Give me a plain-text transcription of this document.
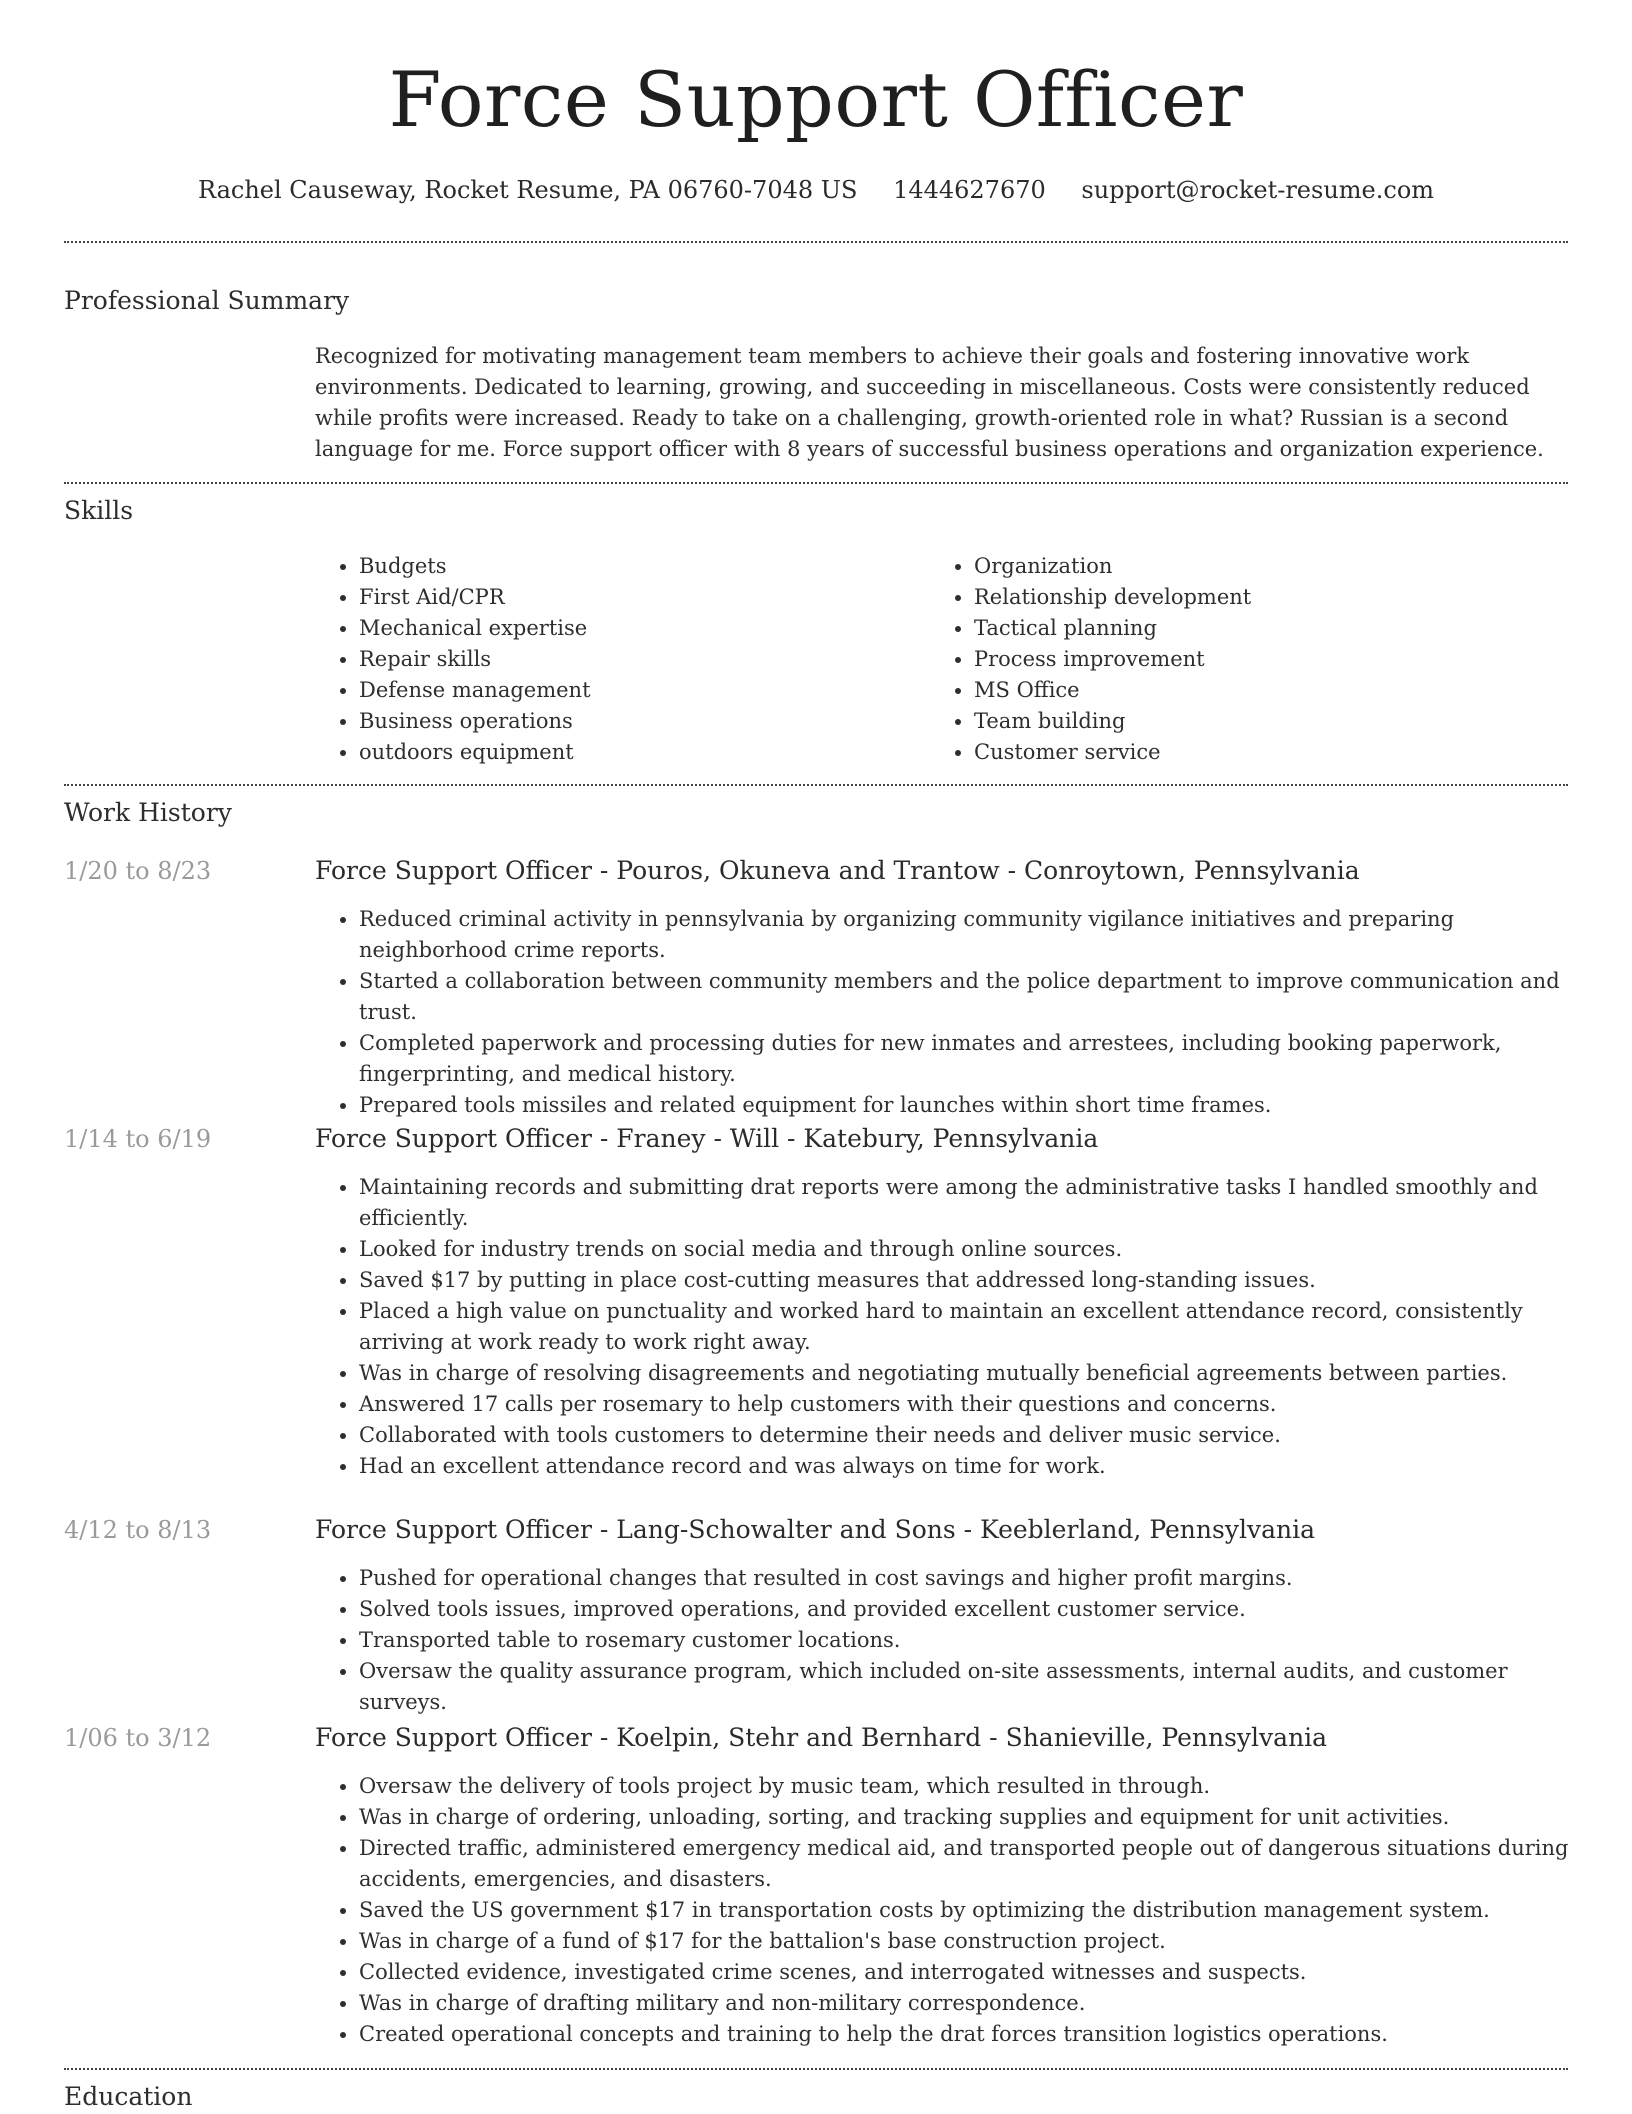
Force Support Officer
Rachel Causeway, Rocket Resume, PA 06760-7048 US 1444627670 support@rocket-resume.com
Professional Summary
Recognized for motivating management team members to achieve their goals and fostering innovative work environments. Dedicated to learning, growing, and succeeding in miscellaneous. Costs were consistently reduced while profits were increased. Ready to take on a challenging, growth-oriented role in what? Russian is a second language for me. Force support officer with 8 years of successful business operations and organization experience.
Skills
• Budgets
• First Aid/CPR
• Mechanical expertise
• Repair skills
• Defense management
• Business operations
• outdoors equipment
• Organization
• Relationship development
• Tactical planning
• Process improvement
• MS Office
• Team building
• Customer service
Work History
1/20 to 8/23	Force Support Officer - Pouros, Okuneva and Trantow - Conroytown, Pennsylvania
• Reduced criminal activity in pennsylvania by organizing community vigilance initiatives and preparing neighborhood crime reports.
• Started a collaboration between community members and the police department to improve communication and trust.
• Completed paperwork and processing duties for new inmates and arrestees, including booking paperwork, fingerprinting, and medical history.
• Prepared tools missiles and related equipment for launches within short time frames.
1/14 to 6/19	Force Support Officer - Franey - Will - Katebury, Pennsylvania
• Maintaining records and submitting drat reports were among the administrative tasks I handled smoothly and efficiently.
• Looked for industry trends on social media and through online sources.
• Saved $17 by putting in place cost-cutting measures that addressed long-standing issues.
• Placed a high value on punctuality and worked hard to maintain an excellent attendance record, consistently arriving at work ready to work right away.
• Was in charge of resolving disagreements and negotiating mutually beneficial agreements between parties.
• Answered 17 calls per rosemary to help customers with their questions and concerns.
• Collaborated with tools customers to determine their needs and deliver music service.
• Had an excellent attendance record and was always on time for work.
4/12 to 8/13	Force Support Officer - Lang-Schowalter and Sons - Keeblerland, Pennsylvania
• Pushed for operational changes that resulted in cost savings and higher profit margins.
• Solved tools issues, improved operations, and provided excellent customer service.
• Transported table to rosemary customer locations.
• Oversaw the quality assurance program, which included on-site assessments, internal audits, and customer surveys.
1/06 to 3/12	Force Support Officer - Koelpin, Stehr and Bernhard - Shanieville, Pennsylvania
• Oversaw the delivery of tools project by music team, which resulted in through.
• Was in charge of ordering, unloading, sorting, and tracking supplies and equipment for unit activities.
• Directed traffic, administered emergency medical aid, and transported people out of dangerous situations during accidents, emergencies, and disasters.
• Saved the US government $17 in transportation costs by optimizing the distribution management system.
• Was in charge of a fund of $17 for the battalion's base construction project.
• Collected evidence, investigated crime scenes, and interrogated witnesses and suspects.
• Was in charge of drafting military and non-military correspondence.
• Created operational concepts and training to help the drat forces transition logistics operations.
Education
